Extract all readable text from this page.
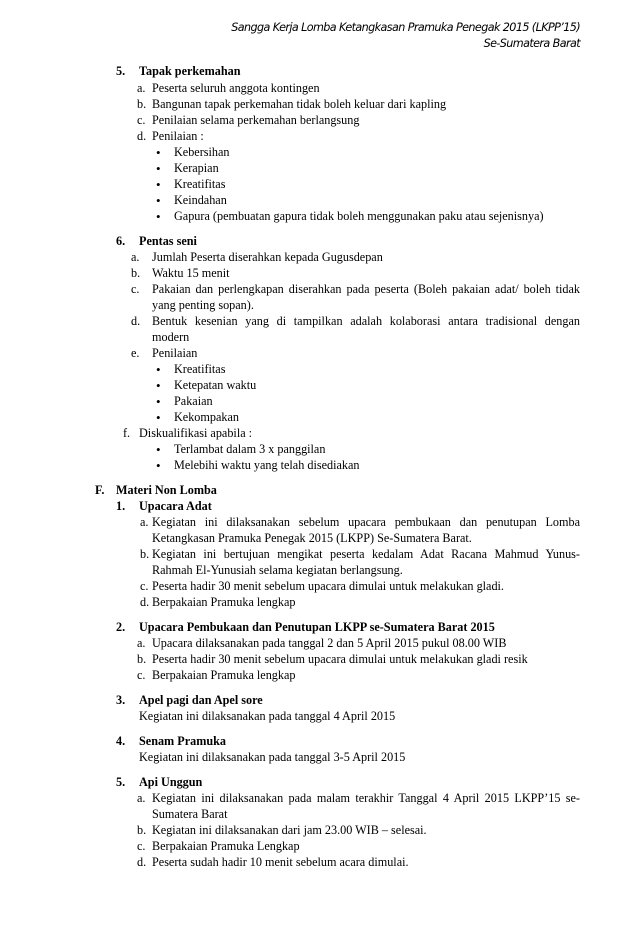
Sangga Kerja Lomba Ketangkasan Pramuka Penegak 2015 (LKPP’15)
Se-Sumatera Barat
5. Tapak perkemahan
a. Peserta seluruh anggota kontingen
b. Bangunan tapak perkemahan tidak boleh keluar dari kapling
c. Penilaian selama perkemahan berlangsung
d. Penilaian :
• Kebersihan
• Kerapian
• Kreatifitas
• Keindahan
• Gapura (pembuatan gapura tidak boleh menggunakan paku atau sejenisnya)
6. Pentas seni
a. Jumlah Peserta diserahkan kepada Gugusdepan
b. Waktu 15 menit
c. Pakaian dan perlengkapan diserahkan pada peserta (Boleh pakaian adat/ boleh tidak
yang penting sopan).
d. Bentuk kesenian yang di tampilkan adalah kolaborasi antara tradisional dengan
modern
e. Penilaian
• Kreatifitas
• Ketepatan waktu
• Pakaian
• Kekompakan
f. Diskualifikasi apabila :
• Terlambat dalam 3 x panggilan
• Melebihi waktu yang telah disediakan
F. Materi Non Lomba
1. Upacara Adat
a. Kegiatan ini dilaksanakan sebelum upacara pembukaan dan penutupan Lomba
Ketangkasan Pramuka Penegak 2015 (LKPP) Se-Sumatera Barat.
b. Kegiatan ini bertujuan mengikat peserta kedalam Adat Racana Mahmud Yunus-
Rahmah El-Yunusiah selama kegiatan berlangsung.
c. Peserta hadir 30 menit sebelum upacara dimulai untuk melakukan gladi.
d. Berpakaian Pramuka lengkap
2. Upacara Pembukaan dan Penutupan LKPP se-Sumatera Barat 2015
a. Upacara dilaksanakan pada tanggal 2 dan 5 April 2015 pukul 08.00 WIB
b. Peserta hadir 30 menit sebelum upacara dimulai untuk melakukan gladi resik
c. Berpakaian Pramuka lengkap
3. Apel pagi dan Apel sore
Kegiatan ini dilaksanakan pada tanggal 4 April 2015
4. Senam Pramuka
Kegiatan ini dilaksanakan pada tanggal 3-5 April 2015
5. Api Unggun
a. Kegiatan ini dilaksanakan pada malam terakhir Tanggal 4 April 2015 LKPP’15 se-
Sumatera Barat
b. Kegiatan ini dilaksanakan dari jam 23.00 WIB – selesai.
c. Berpakaian Pramuka Lengkap
d. Peserta sudah hadir 10 menit sebelum acara dimulai.
